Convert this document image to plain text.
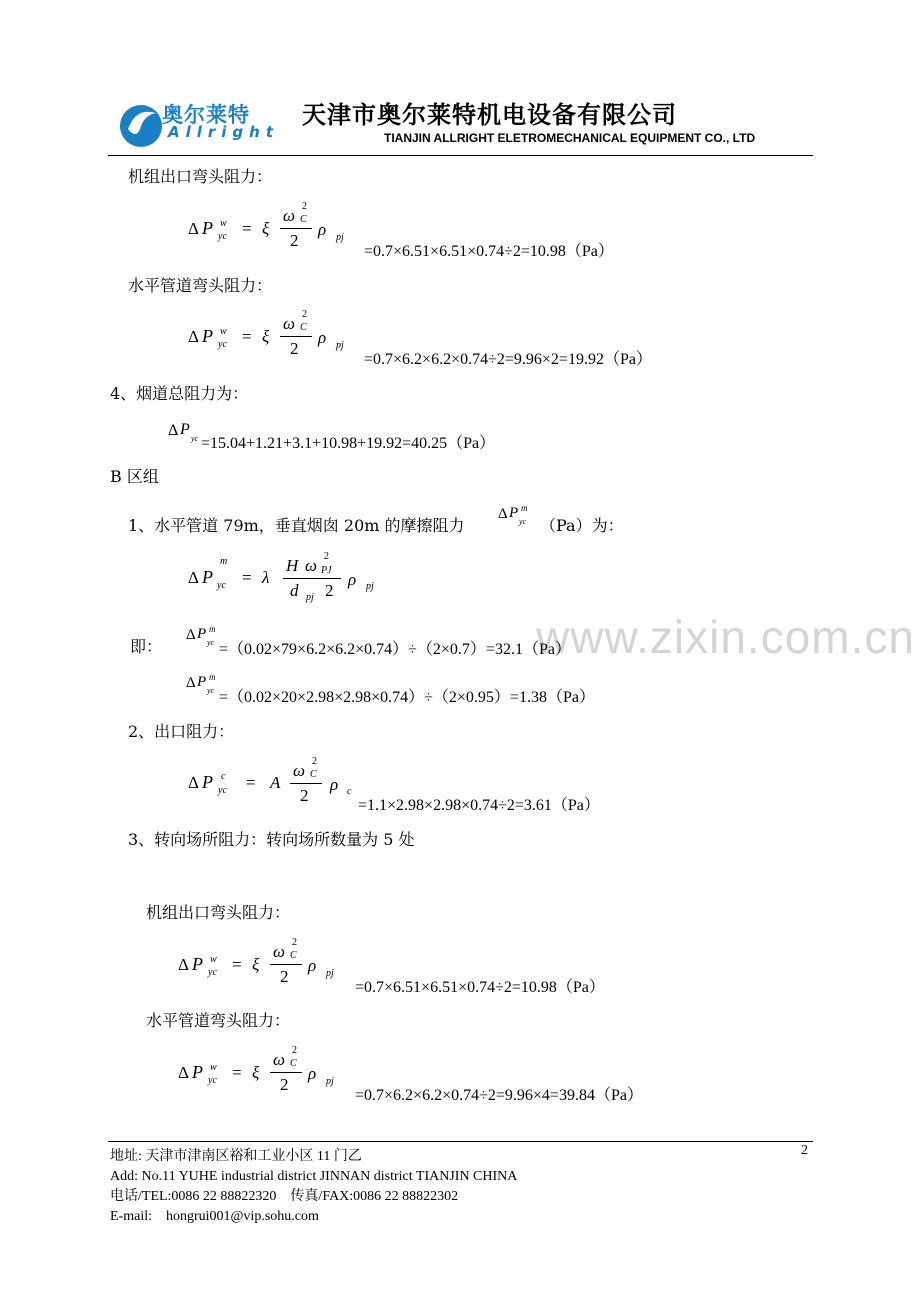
奥尔莱特
Allright
天津市奥尔莱特机电设备有限公司
TIANJIN ALLRIGHT ELETROMECHANICAL EQUIPMENT CO., LTD
www.zixin.com.cn
机组出口弯头阻力：
Δ P w
yc = ξ
ω 2
C
2
ρ pj
=0.7×6.51×6.51×0.74÷2=10.98（Pa）
水平管道弯头阻力：
Δ P w
yc = ξ
ω 2
C
2
ρ pj
=0.7×6.2×6.2×0.74÷2=9.96×2=19.92（Pa）
4、烟道总阻力为：
Δ P
yc =15.04+1.21+3.1+10.98+19.92=40.25（Pa）
B 区组
1、水平管道 79m，垂直烟囱 20m 的摩擦阻力
Δ P m
yc （Pa）为：
Δ P
m
yc = λ
H ω 2
PJ
d pj 2
ρ pj
即：
Δ P m
yc =（0.02×79×6.2×6.2×0.74）÷（2×0.7）=32.1（Pa）
Δ P m
yc =（0.02×20×2.98×2.98×0.74）÷（2×0.95）=1.38（Pa）
2、出口阻力：
Δ P c
yc = A
ω 2
C
2
ρ c
=1.1×2.98×2.98×0.74÷2=3.61（Pa）
3、转向场所阻力：转向场所数量为 5 处
机组出口弯头阻力：
Δ P w
yc = ξ
ω 2
C
2
ρ pj
=0.7×6.51×6.51×0.74÷2=10.98（Pa）
水平管道弯头阻力：
Δ P w
yc = ξ
ω 2
C
2
ρ pj
=0.7×6.2×6.2×0.74÷2=9.96×4=39.84（Pa）
2
地址: 天津市津南区裕和工业小区 11 门乙
Add: No.11 YUHE industrial district JINNAN district TIANJIN CHINA
电话/TEL:0086 22 88822320　传真/FAX:0086 22 88822302
E-mail:　hongrui001@vip.sohu.com
